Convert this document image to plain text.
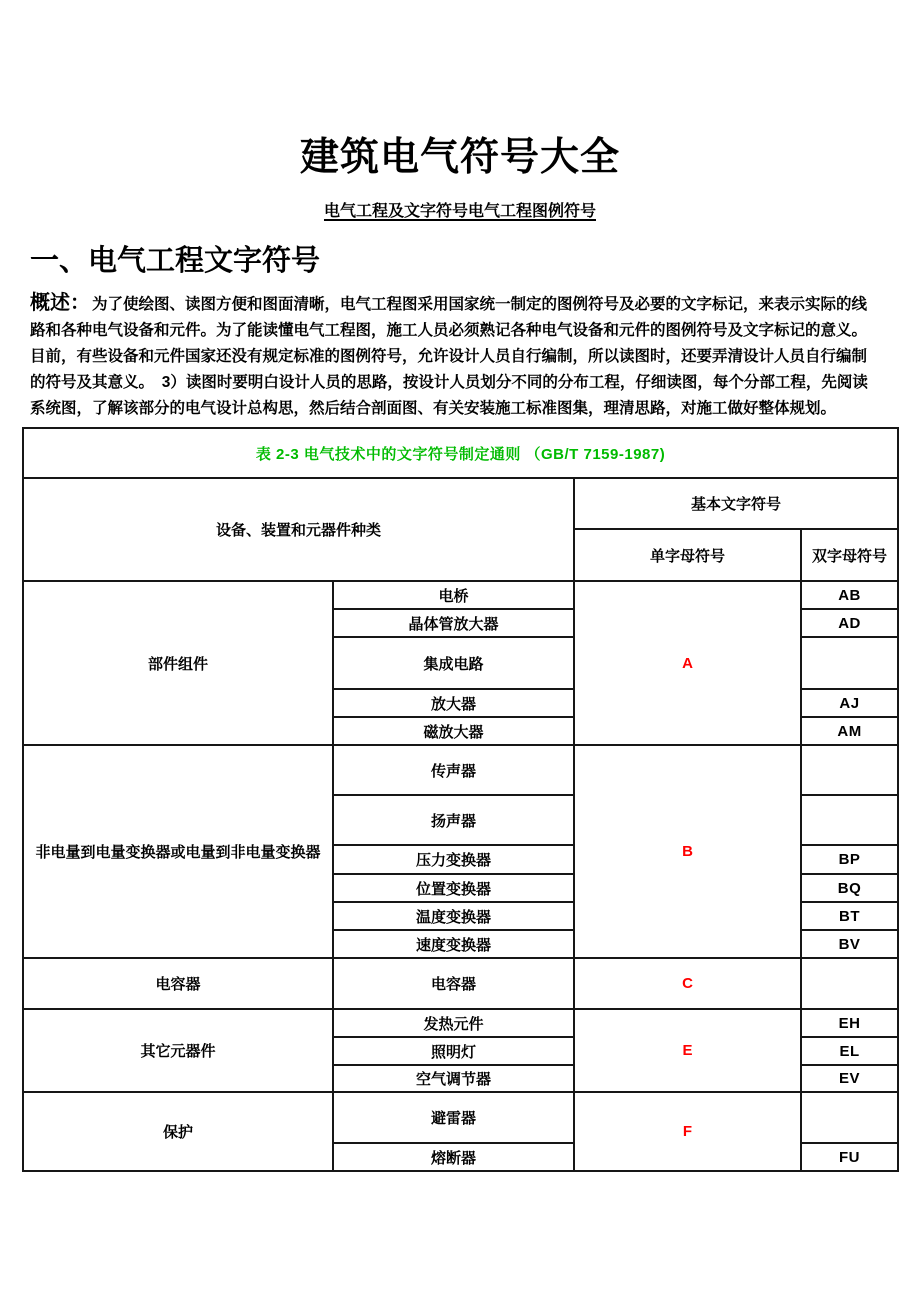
建筑电气符号大全
电气工程及文字符号电气工程图例符号
一、电气工程文字符号
概述： 为了使绘图、读图方便和图面清晰，电气工程图采用国家统一制定的图例符号及必要的文字标记，来表示实际的线
路和各种电气设备和元件。为了能读懂电气工程图，施工人员必须熟记各种电气设备和元件的图例符号及文字标记的意义。
目前，有些设备和元件国家还没有规定标准的图例符号，允许设计人员自行编制，所以读图时，还要弄清设计人员自行编制
的符号及其意义。　3）读图时要明白设计人员的思路，按设计人员划分不同的分布工程，仔细读图，每个分部工程，先阅读
系统图，了解该部分的电气设计总构思，然后结合剖面图、有关安装施工标准图集，理清思路，对施工做好整体规划。
表 2-3 电气技术中的文字符号制定通则 （GB/T 7159-1987)			
设备、装置和元器件种类		基本文字符号	
		单字母符号	双字母符号
部件组件	电桥	A	AB
	晶体管放大器		AD
	集成电路		
	放大器		AJ
	磁放大器		AM
非电量到电量变换器或电量到非电量变换器	传声器	B	
	扬声器		
	压力变换器		BP
	位置变换器		BQ
	温度变换器		BT
	速度变换器		BV
电容器	电容器	C	
其它元器件	发热元件	E	EH
	照明灯		EL
	空气调节器		EV
保护	避雷器	F	
	熔断器		FU
